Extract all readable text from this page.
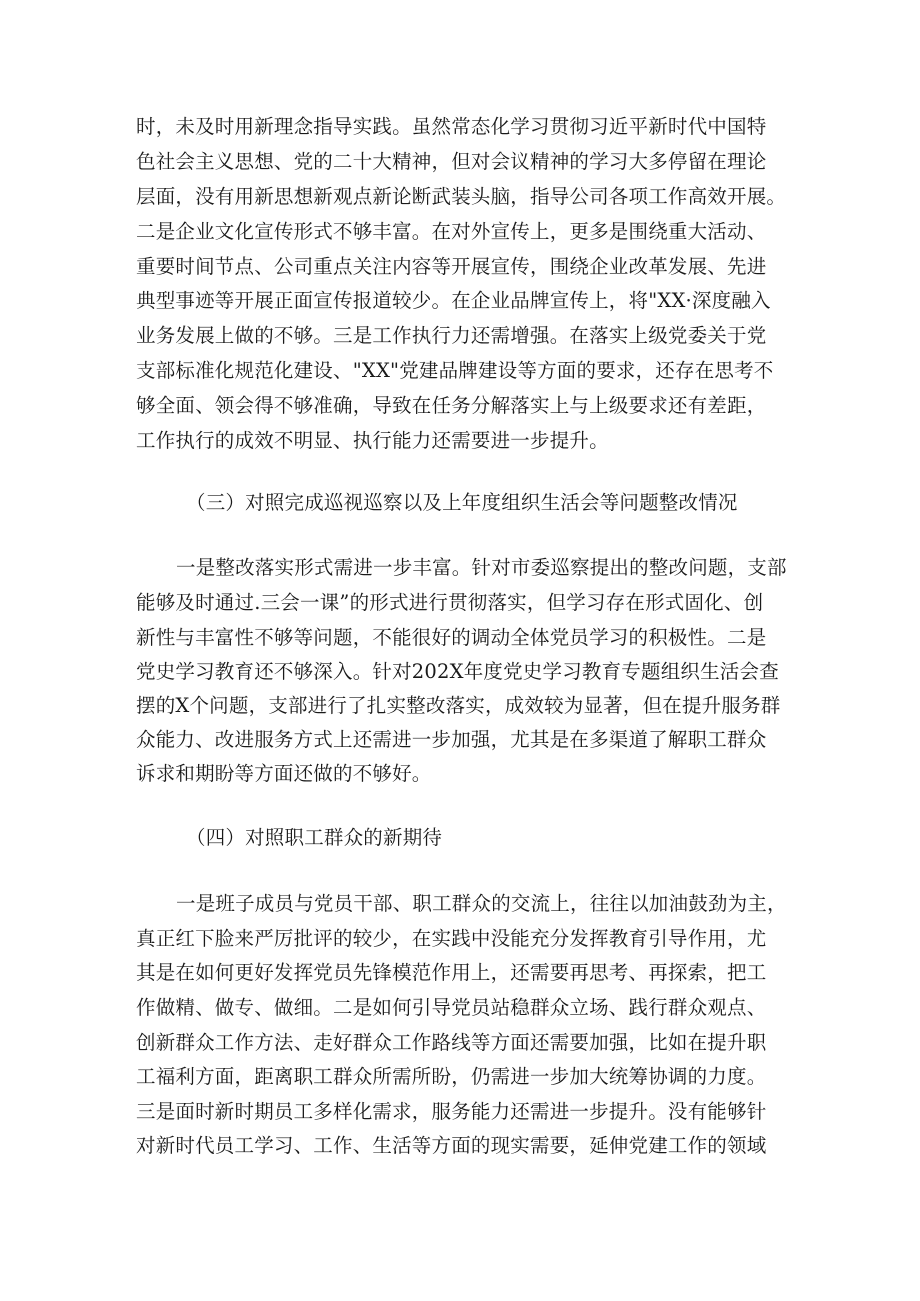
时，未及时用新理念指导实践。虽然常态化学习贯彻习近平新时代中国特
色社会主义思想、党的二十大精神，但对会议精神的学习大多停留在理论
层面，没有用新思想新观点新论断武装头脑，指导公司各项工作高效开展。
二是企业文化宣传形式不够丰富。在对外宣传上，更多是围绕重大活动、
重要时间节点、公司重点关注内容等开展宣传，围绕企业改革发展、先进
典型事迹等开展正面宣传报道较少。在企业品牌宣传上，将"XX·深度融入
业务发展上做的不够。三是工作执行力还需增强。在落实上级党委关于党
支部标准化规范化建设、"XX"党建品牌建设等方面的要求，还存在思考不
够全面、领会得不够准确，导致在任务分解落实上与上级要求还有差距，
工作执行的成效不明显、执行能力还需要进一步提升。
（三）对照完成巡视巡察以及上年度组织生活会等问题整改情况
一是整改落实形式需进一步丰富。针对市委巡察提出的整改问题，支部
能够及时通过.三会一课”的形式进行贯彻落实，但学习存在形式固化、创
新性与丰富性不够等问题，不能很好的调动全体党员学习的积极性。二是
党史学习教育还不够深入。针对202X年度党史学习教育专题组织生活会查
摆的X个问题，支部进行了扎实整改落实，成效较为显著，但在提升服务群
众能力、改进服务方式上还需进一步加强，尤其是在多渠道了解职工群众
诉求和期盼等方面还做的不够好。
（四）对照职工群众的新期待
一是班子成员与党员干部、职工群众的交流上，往往以加油鼓劲为主，
真正红下脸来严厉批评的较少，在实践中没能充分发挥教育引导作用，尤
其是在如何更好发挥党员先锋模范作用上，还需要再思考、再探索，把工
作做精、做专、做细。二是如何引导党员站稳群众立场、践行群众观点、
创新群众工作方法、走好群众工作路线等方面还需要加强，比如在提升职
工福利方面，距离职工群众所需所盼，仍需进一步加大统筹协调的力度。
三是面时新时期员工多样化需求，服务能力还需进一步提升。没有能够针
对新时代员工学习、工作、生活等方面的现实需要，延伸党建工作的领域
